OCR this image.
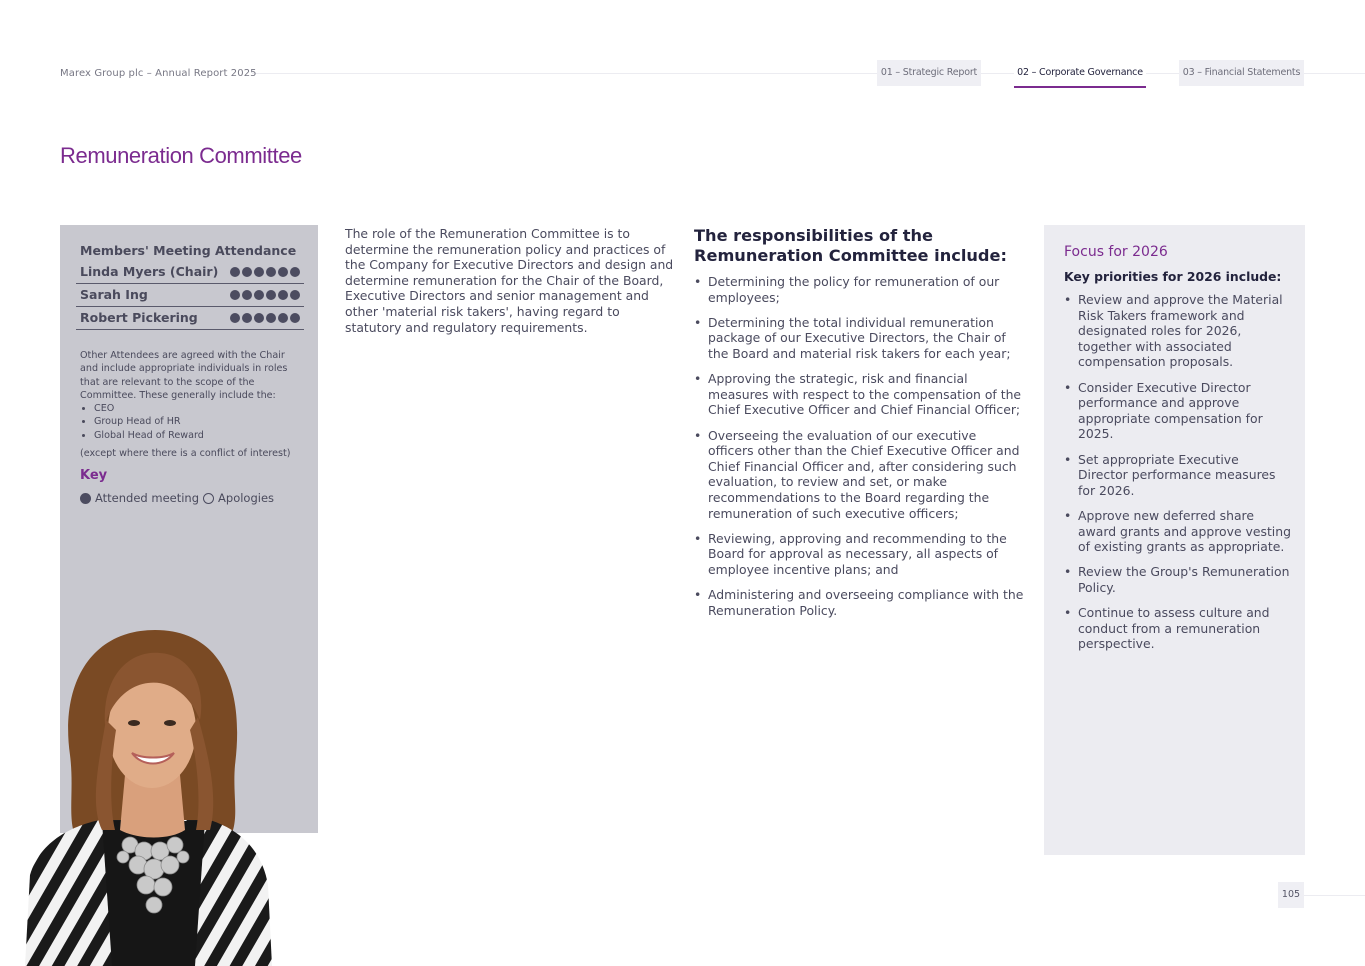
Marex Group plc – Annual Report 2025	01 – Strategic Report	02 – Corporate Governance	03 – Financial Statements
Remuneration Committee
Members' Meeting Attendance
Linda Myers (Chair)
Sarah Ing
Robert Pickering
Other Attendees are agreed with the Chair and include appropriate individuals in roles that are relevant to the scope of the Committee. These generally include the:
• CEO
• Group Head of HR
• Global Head of Reward
(except where there is a conflict of interest)
Key
Attended meeting Apologies
The role of the Remuneration Committee is to determine the remuneration policy and practices of the Company for Executive Directors and design and determine remuneration for the Chair of the Board, Executive Directors and senior management and other 'material risk takers', having regard to statutory and regulatory requirements.
The responsibilities of the Remuneration Committee include:
• Determining the policy for remuneration of our employees;
• Determining the total individual remuneration package of our Executive Directors, the Chair of the Board and material risk takers for each year;
• Approving the strategic, risk and financial measures with respect to the compensation of the Chief Executive Officer and Chief Financial Officer;
• Overseeing the evaluation of our executive officers other than the Chief Executive Officer and Chief Financial Officer and, after considering such evaluation, to review and set, or make recommendations to the Board regarding the remuneration of such executive officers;
• Reviewing, approving and recommending to the Board for approval as necessary, all aspects of employee incentive plans; and
• Administering and overseeing compliance with the Remuneration Policy.
Focus for 2026
Key priorities for 2026 include:
• Review and approve the Material Risk Takers framework and designated roles for 2026, together with associated compensation proposals.
• Consider Executive Director performance and approve appropriate compensation for 2025.
• Set appropriate Executive Director performance measures for 2026.
• Approve new deferred share award grants and approve vesting of existing grants as appropriate.
• Review the Group's Remuneration Policy.
• Continue to assess culture and conduct from a remuneration perspective.
105
